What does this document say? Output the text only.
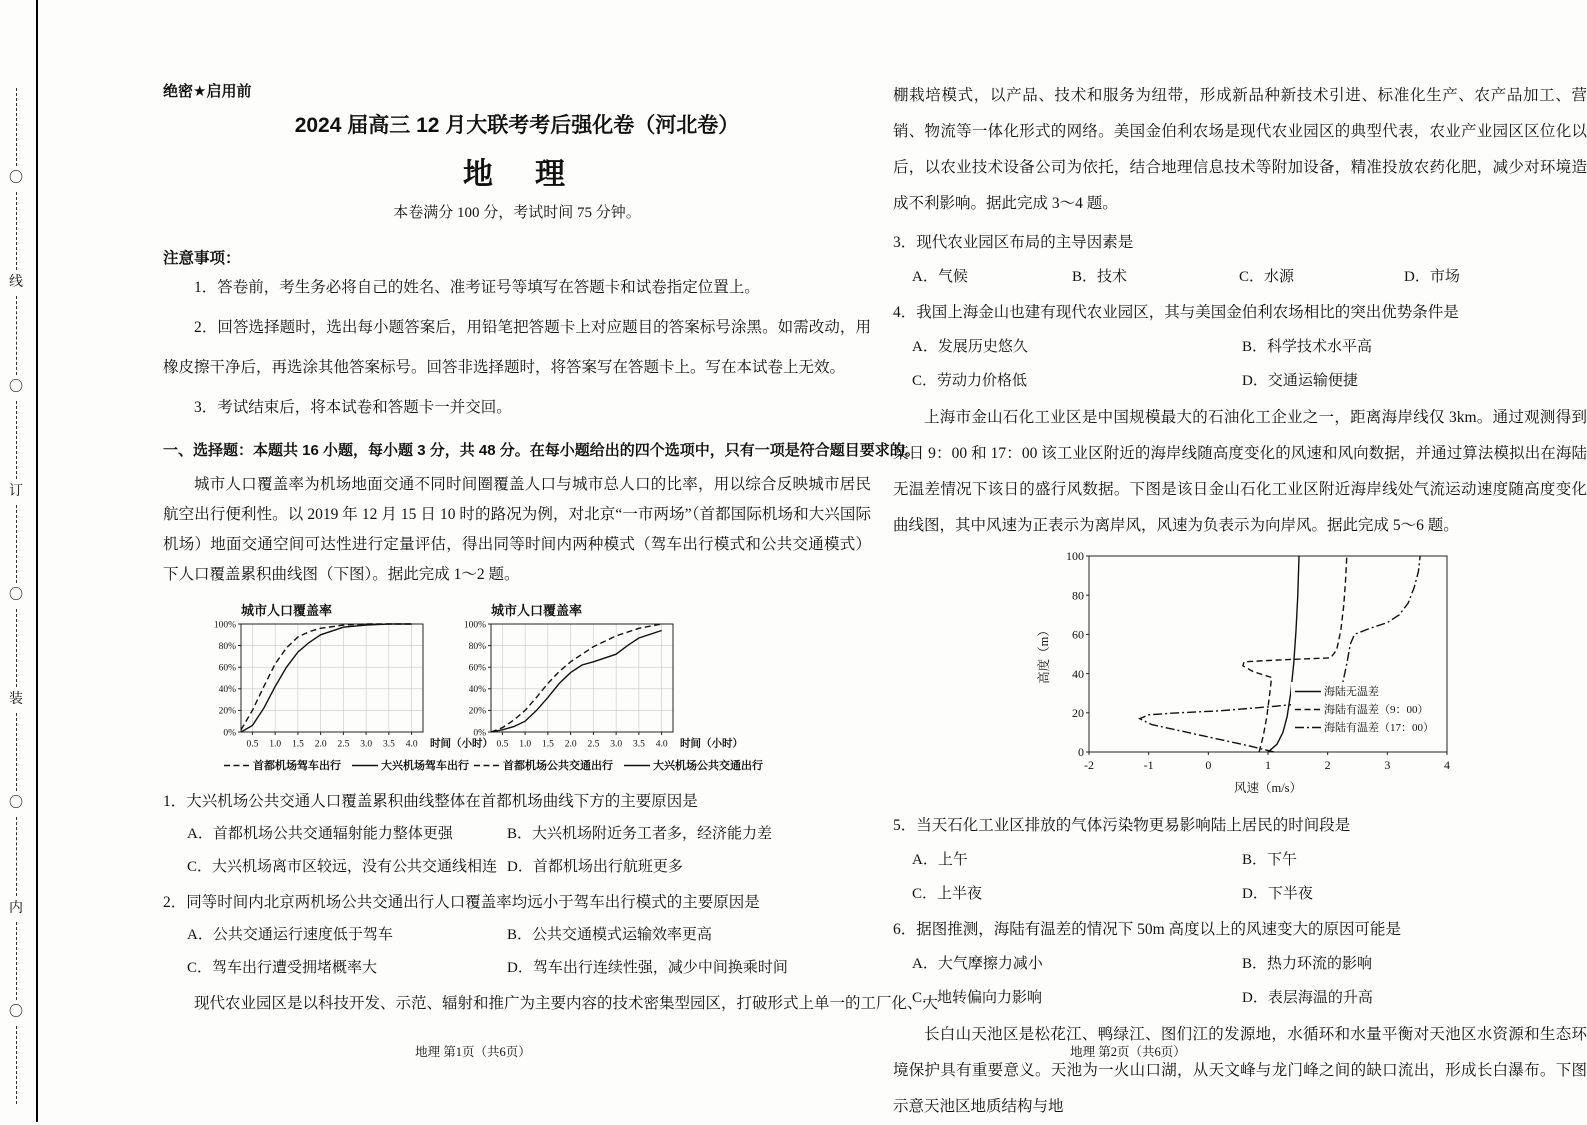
〇
线
〇
订
〇
装
〇
内
〇
绝密★启用前
2024 届高三 12 月大联考考后强化卷（河北卷）
地　理
本卷满分 100 分，考试时间 75 分钟。
注意事项：
1．答卷前，考生务必将自己的姓名、准考证号等填写在答题卡和试卷指定位置上。
2．回答选择题时，选出每小题答案后，用铅笔把答题卡上对应题目的答案标号涂黑。如需改动，用橡皮擦干净后，再选涂其他答案标号。回答非选择题时，将答案写在答题卡上。写在本试卷上无效。
3．考试结束后，将本试卷和答题卡一并交回。
一、选择题：本题共 16 小题，每小题 3 分，共 48 分。在每小题给出的四个选项中，只有一项是符合题目要求的。
城市人口覆盖率为机场地面交通不同时间圈覆盖人口与城市总人口的比率，用以综合反映城市居民航空出行便利性。以 2019 年 12 月 15 日 10 时的路况为例，对北京“一市两场”（首都国际机场和大兴国际机场）地面交通空间可达性进行定量评估，得出同等时间内两种模式（驾车出行模式和公共交通模式）下人口覆盖累积曲线图（下图）。据此完成 1～2 题。
城市人口覆盖率
0.5 1.0 1.5 2.0 2.5 3.0 3.5 4.0
0%
20%
40%
60%
80%
100%
时间（小时）
首都机场驾车出行	大兴机场驾车出行
城市人口覆盖率
0.5 1.0 1.5 2.0 2.5 3.0 3.5 4.0
0%
20%
40%
60%
80%
100%
时间（小时）
首都机场公共交通出行	大兴机场公共交通出行
1．大兴机场公共交通人口覆盖累积曲线整体在首都机场曲线下方的主要原因是
A．首都机场公共交通辐射能力整体更强	B．大兴机场附近务工者多，经济能力差
C．大兴机场离市区较远，没有公共交通线相连 D．首都机场出行航班更多
2．同等时间内北京两机场公共交通出行人口覆盖率均远小于驾车出行模式的主要原因是
A．公共交通运行速度低于驾车	B．公共交通模式运输效率更高
C．驾车出行遭受拥堵概率大	D．驾车出行连续性强，减少中间换乘时间
现代农业园区是以科技开发、示范、辐射和推广为主要内容的技术密集型园区，打破形式上单一的工厂化、大
棚栽培模式，以产品、技术和服务为纽带，形成新品种新技术引进、标准化生产、农产品加工、营销、物流等一体化形式的网络。美国金伯利农场是现代农业园区的典型代表，农业产业园区区位化以后，以农业技术设备公司为依托，结合地理信息技术等附加设备，精准投放农药化肥，减少对环境造成不利影响。据此完成 3～4 题。
3．现代农业园区布局的主导因素是
A．气候	B．技术	C．水源	D．市场
4．我国上海金山也建有现代农业园区，其与美国金伯利农场相比的突出优势条件是
A．发展历史悠久	B．科学技术水平高
C．劳动力价格低	D．交通运输便捷
上海市金山石化工业区是中国规模最大的石油化工企业之一，距离海岸线仅 3km。通过观测得到某日 9：00 和 17：00 该工业区附近的海岸线随高度变化的风速和风向数据，并通过算法模拟出在海陆无温差情况下该日的盛行风数据。下图是该日金山石化工业区附近海岸线处气流运动速度随高度变化曲线图，其中风速为正表示为离岸风，风速为负表示为向岸风。据此完成 5～6 题。
-2	-1	0	1	2	3	4
0
20
40
60
80
100
风速（m/s）
高度（m）
海陆无温差
海陆有温差（9：00）
海陆有温差（17：00）
5．当天石化工业区排放的气体污染物更易影响陆上居民的时间段是
A．上午	B．下午
C．上半夜	D．下半夜
6．据图推测，海陆有温差的情况下 50m 高度以上的风速变大的原因可能是
A．大气摩擦力减小	B．热力环流的影响
C．地转偏向力影响	D．表层海温的升高
长白山天池区是松花江、鸭绿江、图们江的发源地，水循环和水量平衡对天池区水资源和生态环境保护具有重要意义。天池为一火山口湖，从天文峰与龙门峰之间的缺口流出，形成长白瀑布。下图示意天池区地质结构与地
地理 第1页（共6页）	地理 第2页（共6页）
